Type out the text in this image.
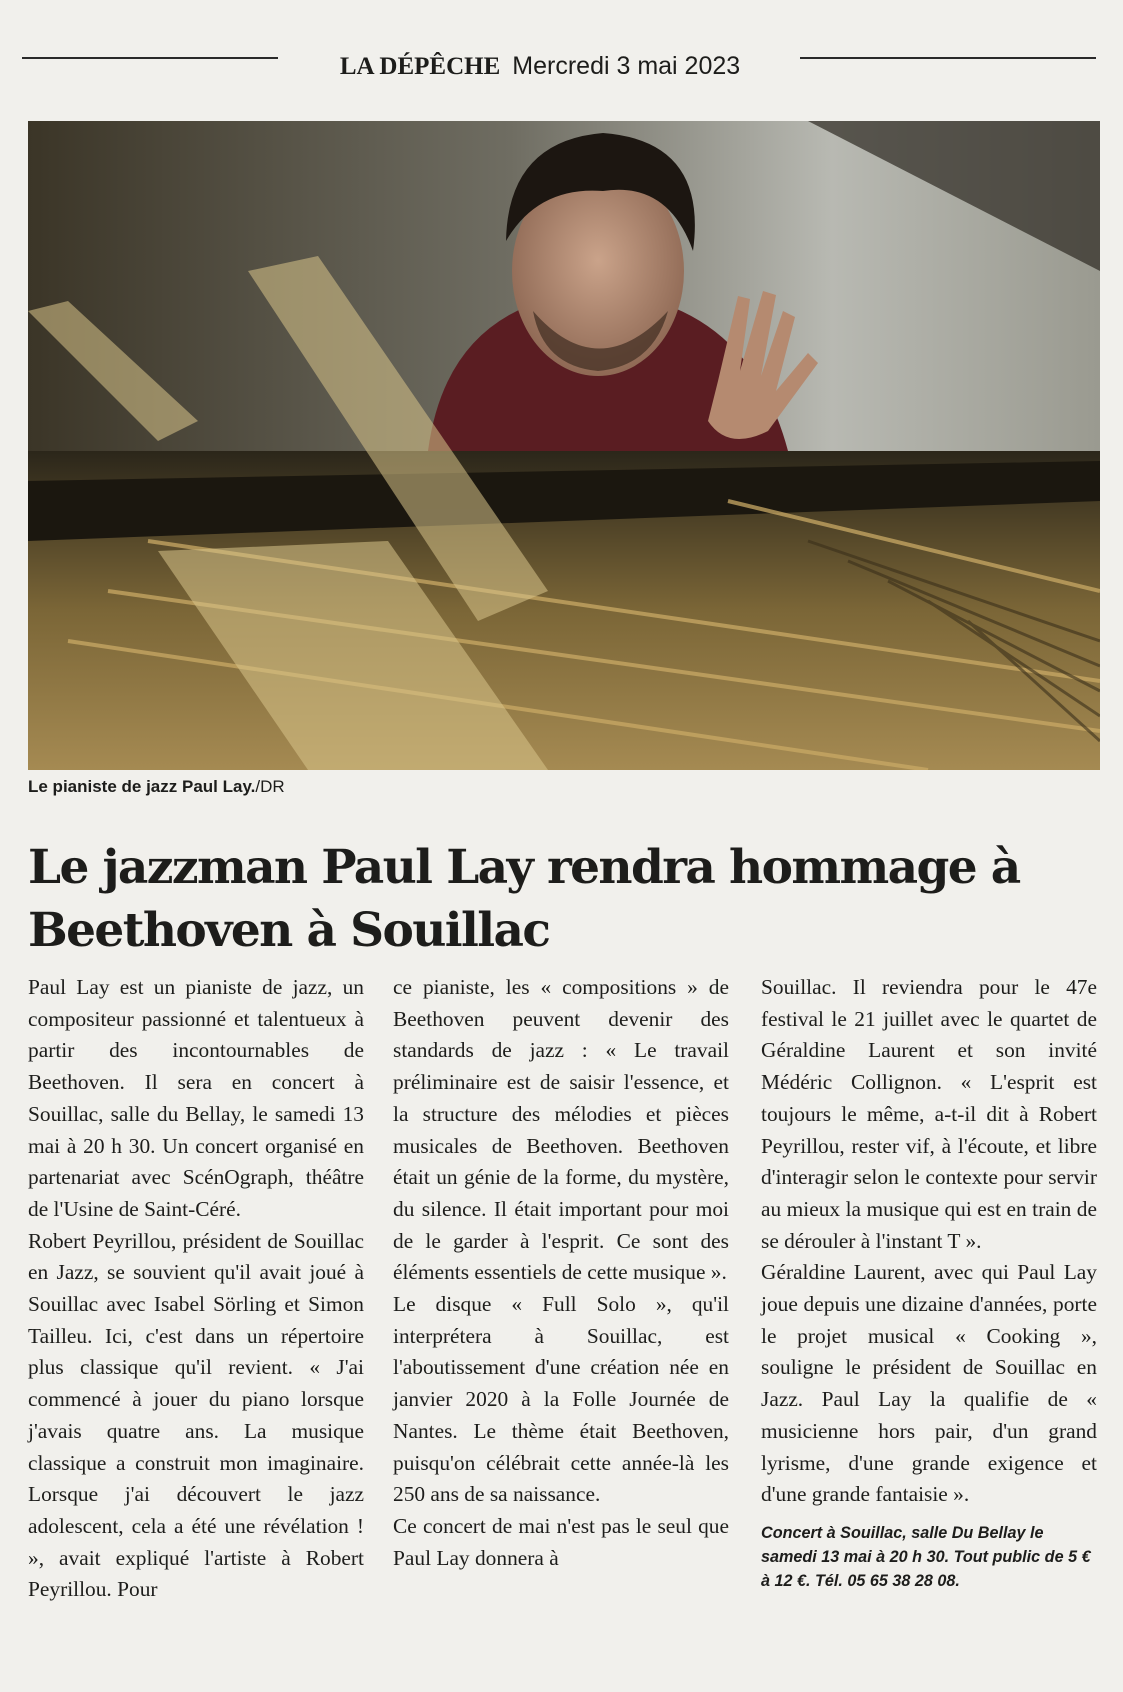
LA DÉPÊCHE Mercredi 3 mai 2023
Le pianiste de jazz Paul Lay./DR
Le jazzman Paul Lay rendra hommage à
Beethoven à Souillac

Paul Lay est un pianiste de jazz, un compositeur passionné et talentueux à partir des incontournables de Beethoven. Il sera en concert à Souillac, salle du Bellay, le samedi 13 mai à 20 h 30. Un concert organisé en partenariat avec ScénOgraph, théâtre de l'Usine de Saint-Céré.

Robert Peyrillou, président de Souillac en Jazz, se souvient qu'il avait joué à Souillac avec Isabel Sörling et Simon Tailleu. Ici, c'est dans un répertoire plus classique qu'il revient. « J'ai commencé à jouer du piano lorsque j'avais quatre ans. La musique classique a construit mon imaginaire. Lorsque j'ai découvert le jazz adolescent, cela a été une révélation ! », avait expliqué l'artiste à Robert Peyrillou. Pour

ce pianiste, les « compositions » de Beethoven peuvent devenir des standards de jazz : « Le travail préliminaire est de saisir l'essence, et la structure des mélodies et pièces musicales de Beethoven. Beethoven était un génie de la forme, du mystère, du silence. Il était important pour moi de le garder à l'esprit. Ce sont des éléments essentiels de cette musique ».

Le disque « Full Solo », qu'il interprétera à Souillac, est l'aboutissement d'une création née en janvier 2020 à la Folle Journée de Nantes. Le thème était Beethoven, puisqu'on célébrait cette année-là les 250 ans de sa naissance.

Ce concert de mai n'est pas le seul que Paul Lay donnera à

Souillac. Il reviendra pour le 47e festival le 21 juillet avec le quartet de Géraldine Laurent et son invité Médéric Collignon. « L'esprit est toujours le même, a-t-il dit à Robert Peyrillou, rester vif, à l'écoute, et libre d'interagir selon le contexte pour servir au mieux la musique qui est en train de se dérouler à l'instant T ».

Géraldine Laurent, avec qui Paul Lay joue depuis une dizaine d'années, porte le projet musical « Cooking », souligne le président de Souillac en Jazz. Paul Lay la qualifie de « musicienne hors pair, d'un grand lyrisme, d'une grande exigence et d'une grande fantaisie ».

Concert à Souillac, salle Du Bellay le samedi 13 mai à 20 h 30. Tout public de 5 € à 12 €. Tél. 05 65 38 28 08.
